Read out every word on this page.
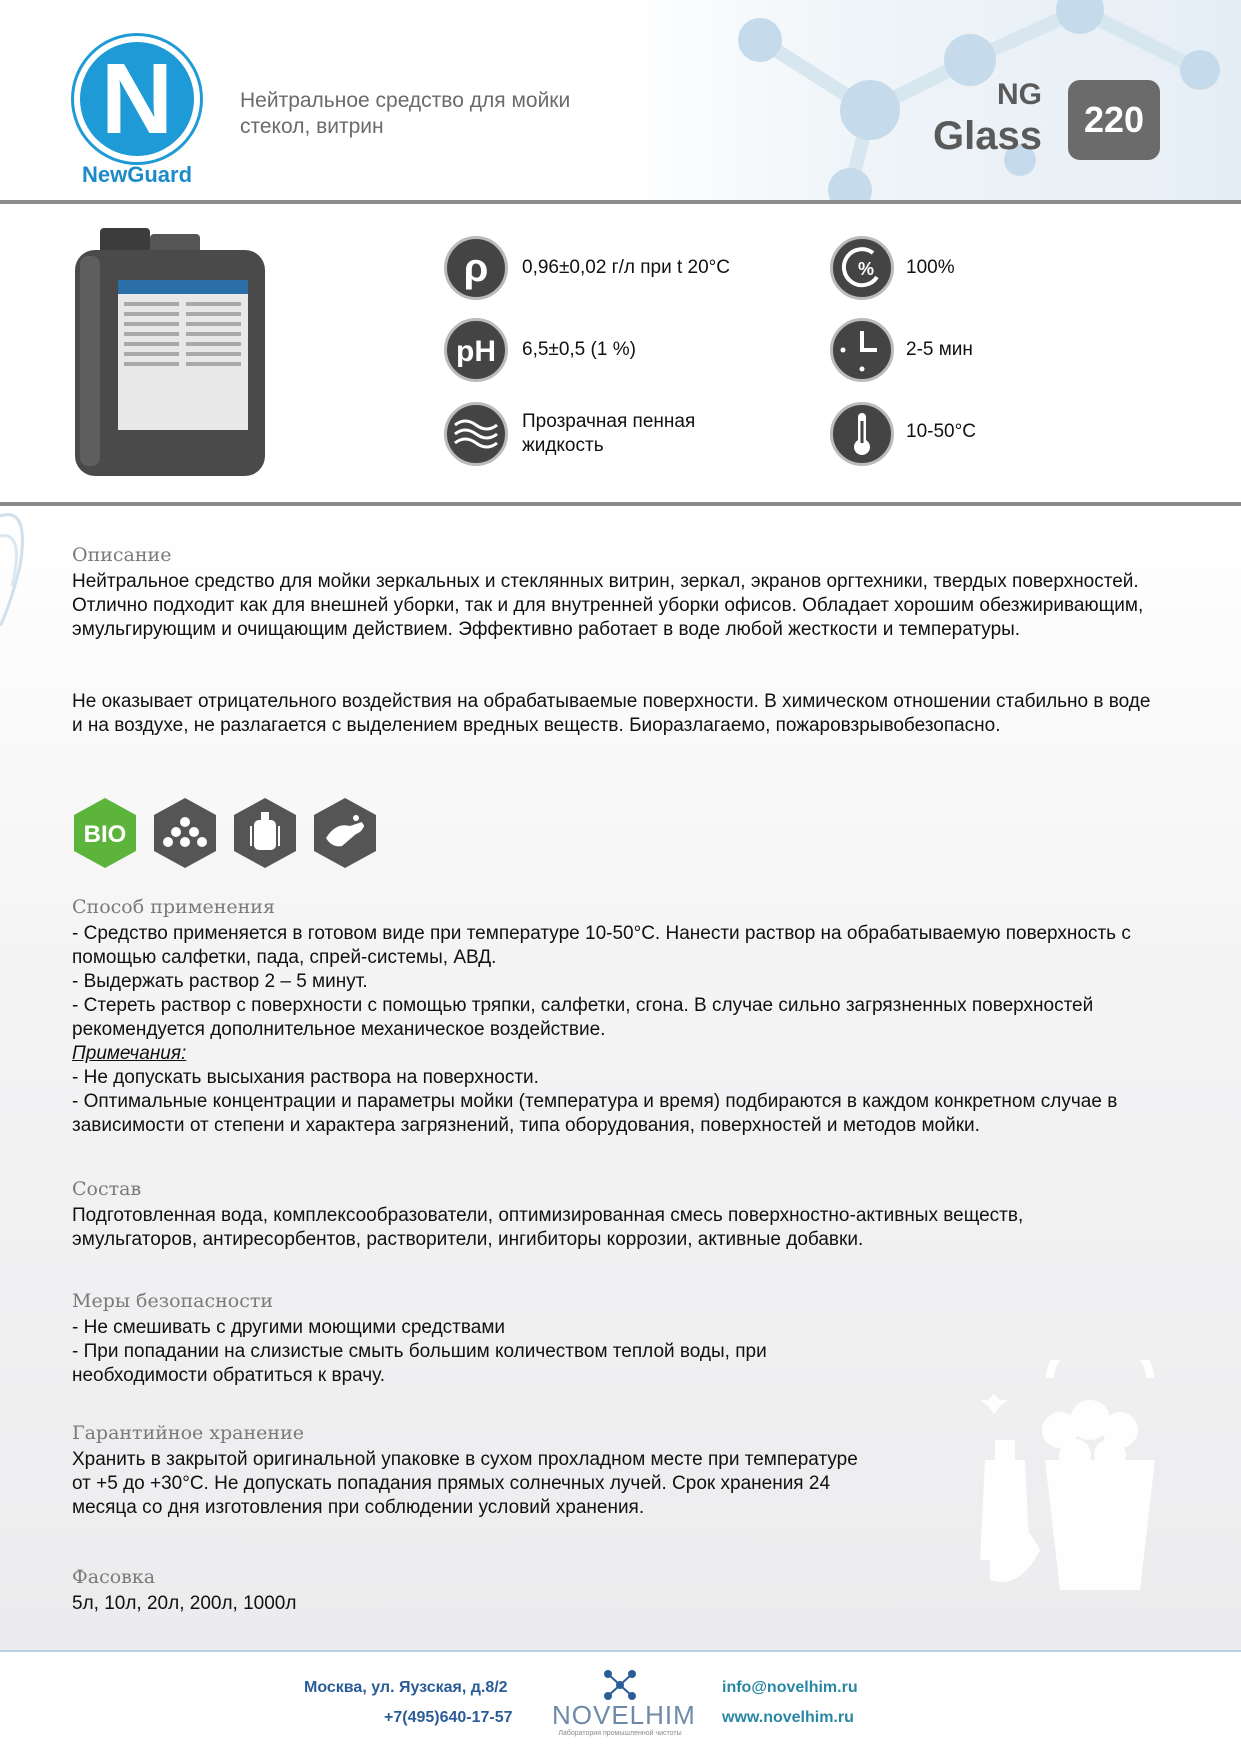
N
NewGuard
Нейтральное средство для мойки
стекол, витрин
NG
Glass	220
ρ 0,96±0,02 г/л при t 20°C
pH 6,5±0,5 (1 %)
Прозрачная пенная жидкость
% 100%
2-5 мин
10-50°C
Описание
Нейтральное средство для мойки зеркальных и стеклянных витрин, зеркал, экранов оргтехники, твердых поверхностей. Отлично подходит как для внешней уборки, так и для внутренней уборки офисов. Обладает хорошим обезжиривающим, эмульгирующим и очищающим действием. Эффективно работает в воде любой жесткости и температуры.
Не оказывает отрицательного воздействия на обрабатываемые поверхности. В химическом отношении стабильно в воде и на воздухе, не разлагается с выделением вредных веществ. Биоразлагаемо, пожаровзрывобезопасно.
BIO
Способ применения
- Средство применяется в готовом виде при температуре 10-50°С. Нанести раствор на обрабатываемую поверхность с помощью салфетки, пада, спрей-системы, АВД.
- Выдержать раствор 2 – 5 минут.
- Стереть раствор с поверхности с помощью тряпки, салфетки, сгона. В случае сильно загрязненных поверхностей рекомендуется дополнительное механическое воздействие.
Примечания:
- Не допускать высыхания раствора на поверхности.
- Оптимальные концентрации и параметры мойки (температура и время) подбираются в каждом конкретном случае в зависимости от степени и характера загрязнений, типа оборудования, поверхностей и методов мойки.
Состав
Подготовленная вода, комплексообразователи, оптимизированная смесь поверхностно-активных веществ, эмульгаторов, антиресорбентов, растворители, ингибиторы коррозии, активные добавки.
Меры безопасности
- Не смешивать с другими моющими средствами
- При попадании на слизистые смыть большим количеством теплой воды, при необходимости обратиться к врачу.
Гарантийное хранение
Хранить в закрытой оригинальной упаковке в сухом прохладном месте при температуре от +5 до +30°С. Не допускать попадания прямых солнечных лучей. Срок хранения 24 месяца со дня изготовления при соблюдении условий хранения.
Фасовка
5л, 10л, 20л, 200л, 1000л
Москва, ул. Яузская, д.8/2
+7(495)640-17-57 NOVELHIM
Лаборатория промышленной чистоты
info@novelhim.ru
www.novelhim.ru
